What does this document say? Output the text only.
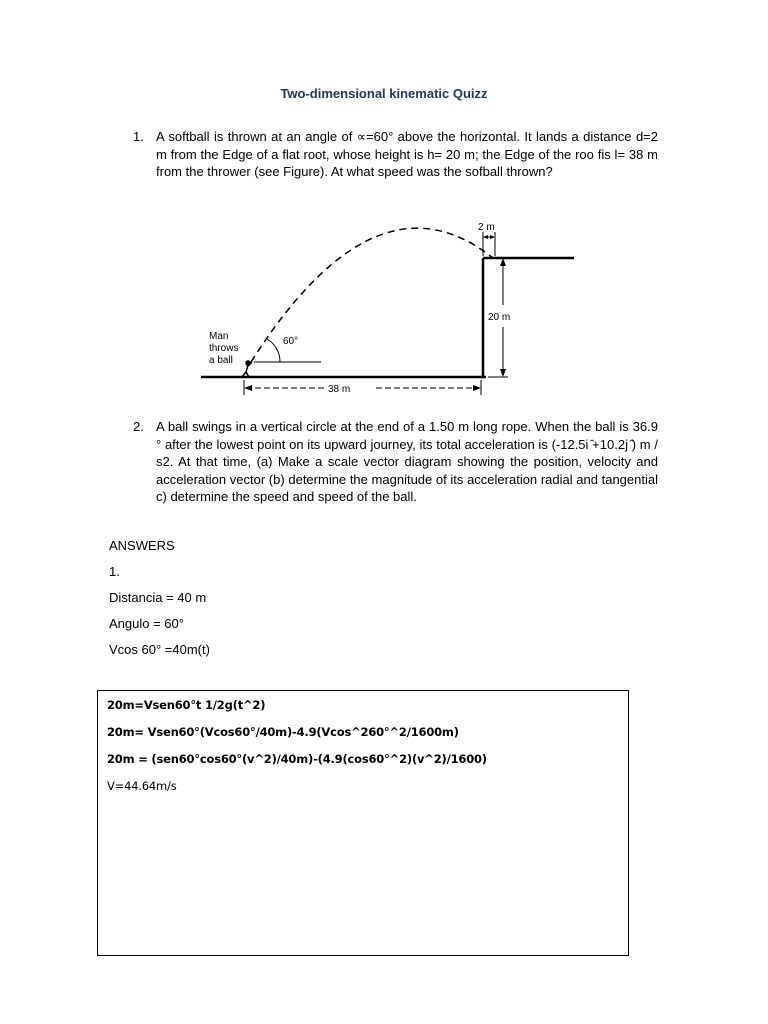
Two-dimensional kinematic Quizz
1. A softball is thrown at an angle of ∝=60° above the horizontal. It lands a distance d=2 m from the Edge of a flat root, whose height is h= 20 m; the Edge of the roo fis l= 38 m from the thrower (see Figure). At what speed was the sofball thrown?
Man
throws
a ball
60°
38 m
2 m
20 m
2. A ball swings in a vertical circle at the end of a 1.50 m long rope. When the ball is 36.9 ° after the lowest point on its upward journey, its total acceleration is (-12.5i ̂+10.2j ̂) m / s2. At that time, (a) Make a scale vector diagram showing the position, velocity and acceleration vector (b) determine the magnitude of its acceleration radial and tangential c) determine the speed and speed of the ball.
ANSWERS
1.
Distancia = 40 m
Angulo = 60°
Vcos 60° =40m(t)
20m=Vsen60°t 1/2g(t^2)
20m= Vsen60°(Vcos60°/40m)-4.9(Vcos^260°^2/1600m)
20m = (sen60°cos60°(v^2)/40m)-(4.9(cos60°^2)(v^2)/1600)
V=44.64m/s
